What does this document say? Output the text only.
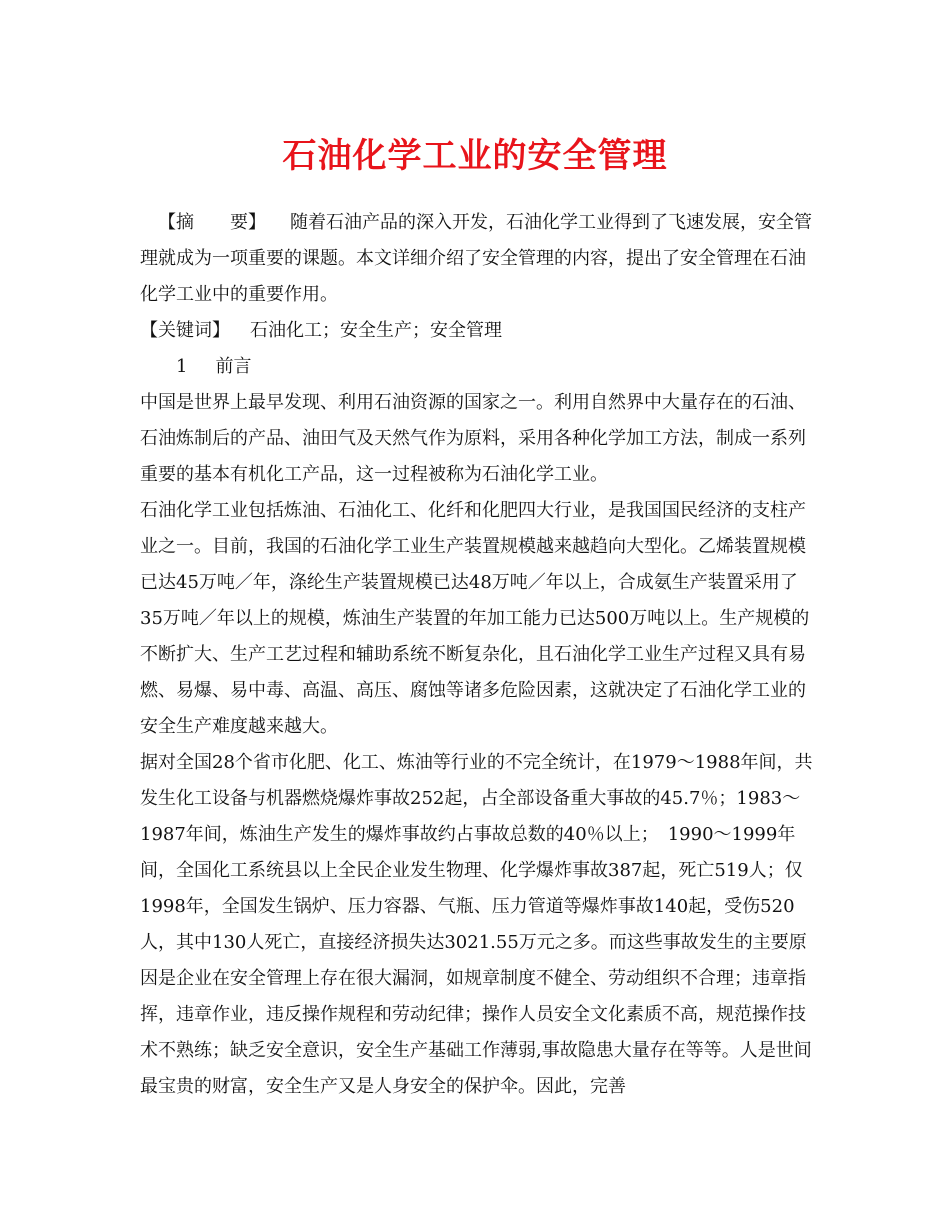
石油化学工业的安全管理

【摘　　要】 随着石油产品的深入开发，石油化学工业得到了飞速发展，安全管理就成为一项重要的课题。本文详细介绍了安全管理的内容，提出了安全管理在石油化学工业中的重要作用。

【关键词】 石油化工；安全生产；安全管理

1 前言

中国是世界上最早发现、利用石油资源的国家之一。利用自然界中大量存在的石油、石油炼制后的产品、油田气及天然气作为原料，采用各种化学加工方法，制成一系列重要的基本有机化工产品，这一过程被称为石油化学工业。

石油化学工业包括炼油、石油化工、化纤和化肥四大行业，是我国国民经济的支柱产业之一。目前，我国的石油化学工业生产装置规模越来越趋向大型化。乙烯装置规模已达45万吨／年，涤纶生产装置规模已达48万吨／年以上，合成氨生产装置采用了35万吨／年以上的规模，炼油生产装置的年加工能力已达500万吨以上。生产规模的不断扩大、生产工艺过程和辅助系统不断复杂化，且石油化学工业生产过程又具有易燃、易爆、易中毒、高温、高压、腐蚀等诸多危险因素，这就决定了石油化学工业的安全生产难度越来越大。

据对全国28个省市化肥、化工、炼油等行业的不完全统计，在1979～1988年间，共发生化工设备与机器燃烧爆炸事故252起，占全部设备重大事故的45.7％；1983～1987年间，炼油生产发生的爆炸事故约占事故总数的40％以上；　1990～1999年间，全国化工系统县以上全民企业发生物理、化学爆炸事故387起，死亡519人；仅1998年，全国发生锅炉、压力容器、气瓶、压力管道等爆炸事故140起，受伤520人，其中130人死亡，直接经济损失达3021.55万元之多。而这些事故发生的主要原因是企业在安全管理上存在很大漏洞，如规章制度不健全、劳动组织不合理；违章指挥，违章作业，违反操作规程和劳动纪律；操作人员安全文化素质不高，规范操作技术不熟练；缺乏安全意识，安全生产基础工作薄弱,事故隐患大量存在等等。人是世间最宝贵的财富，安全生产又是人身安全的保护伞。因此，完善
